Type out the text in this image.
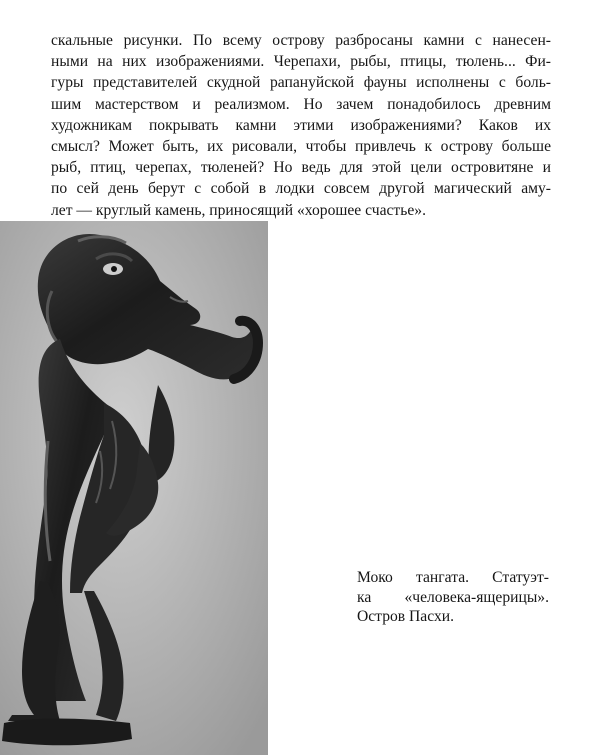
скальные рисунки. По всему острову разбросаны камни с нанесен-
ными на них изображениями. Черепахи, рыбы, птицы, тюлень... Фи-
гуры представителей скудной рапануйской фауны исполнены с боль-
шим мастерством и реализмом. Но зачем понадобилось древним
художникам покрывать камни этими изображениями? Каков их
смысл? Может быть, их рисовали, чтобы привлечь к острову больше
рыб, птиц, черепах, тюленей? Но ведь для этой цели островитяне и
по сей день берут с собой в лодки совсем другой магический аму-
лет — круглый камень, приносящий «хорошее счастье».
Моко тангата. Статуэт-
ка «человека-ящерицы».
Остров Пасхи.
